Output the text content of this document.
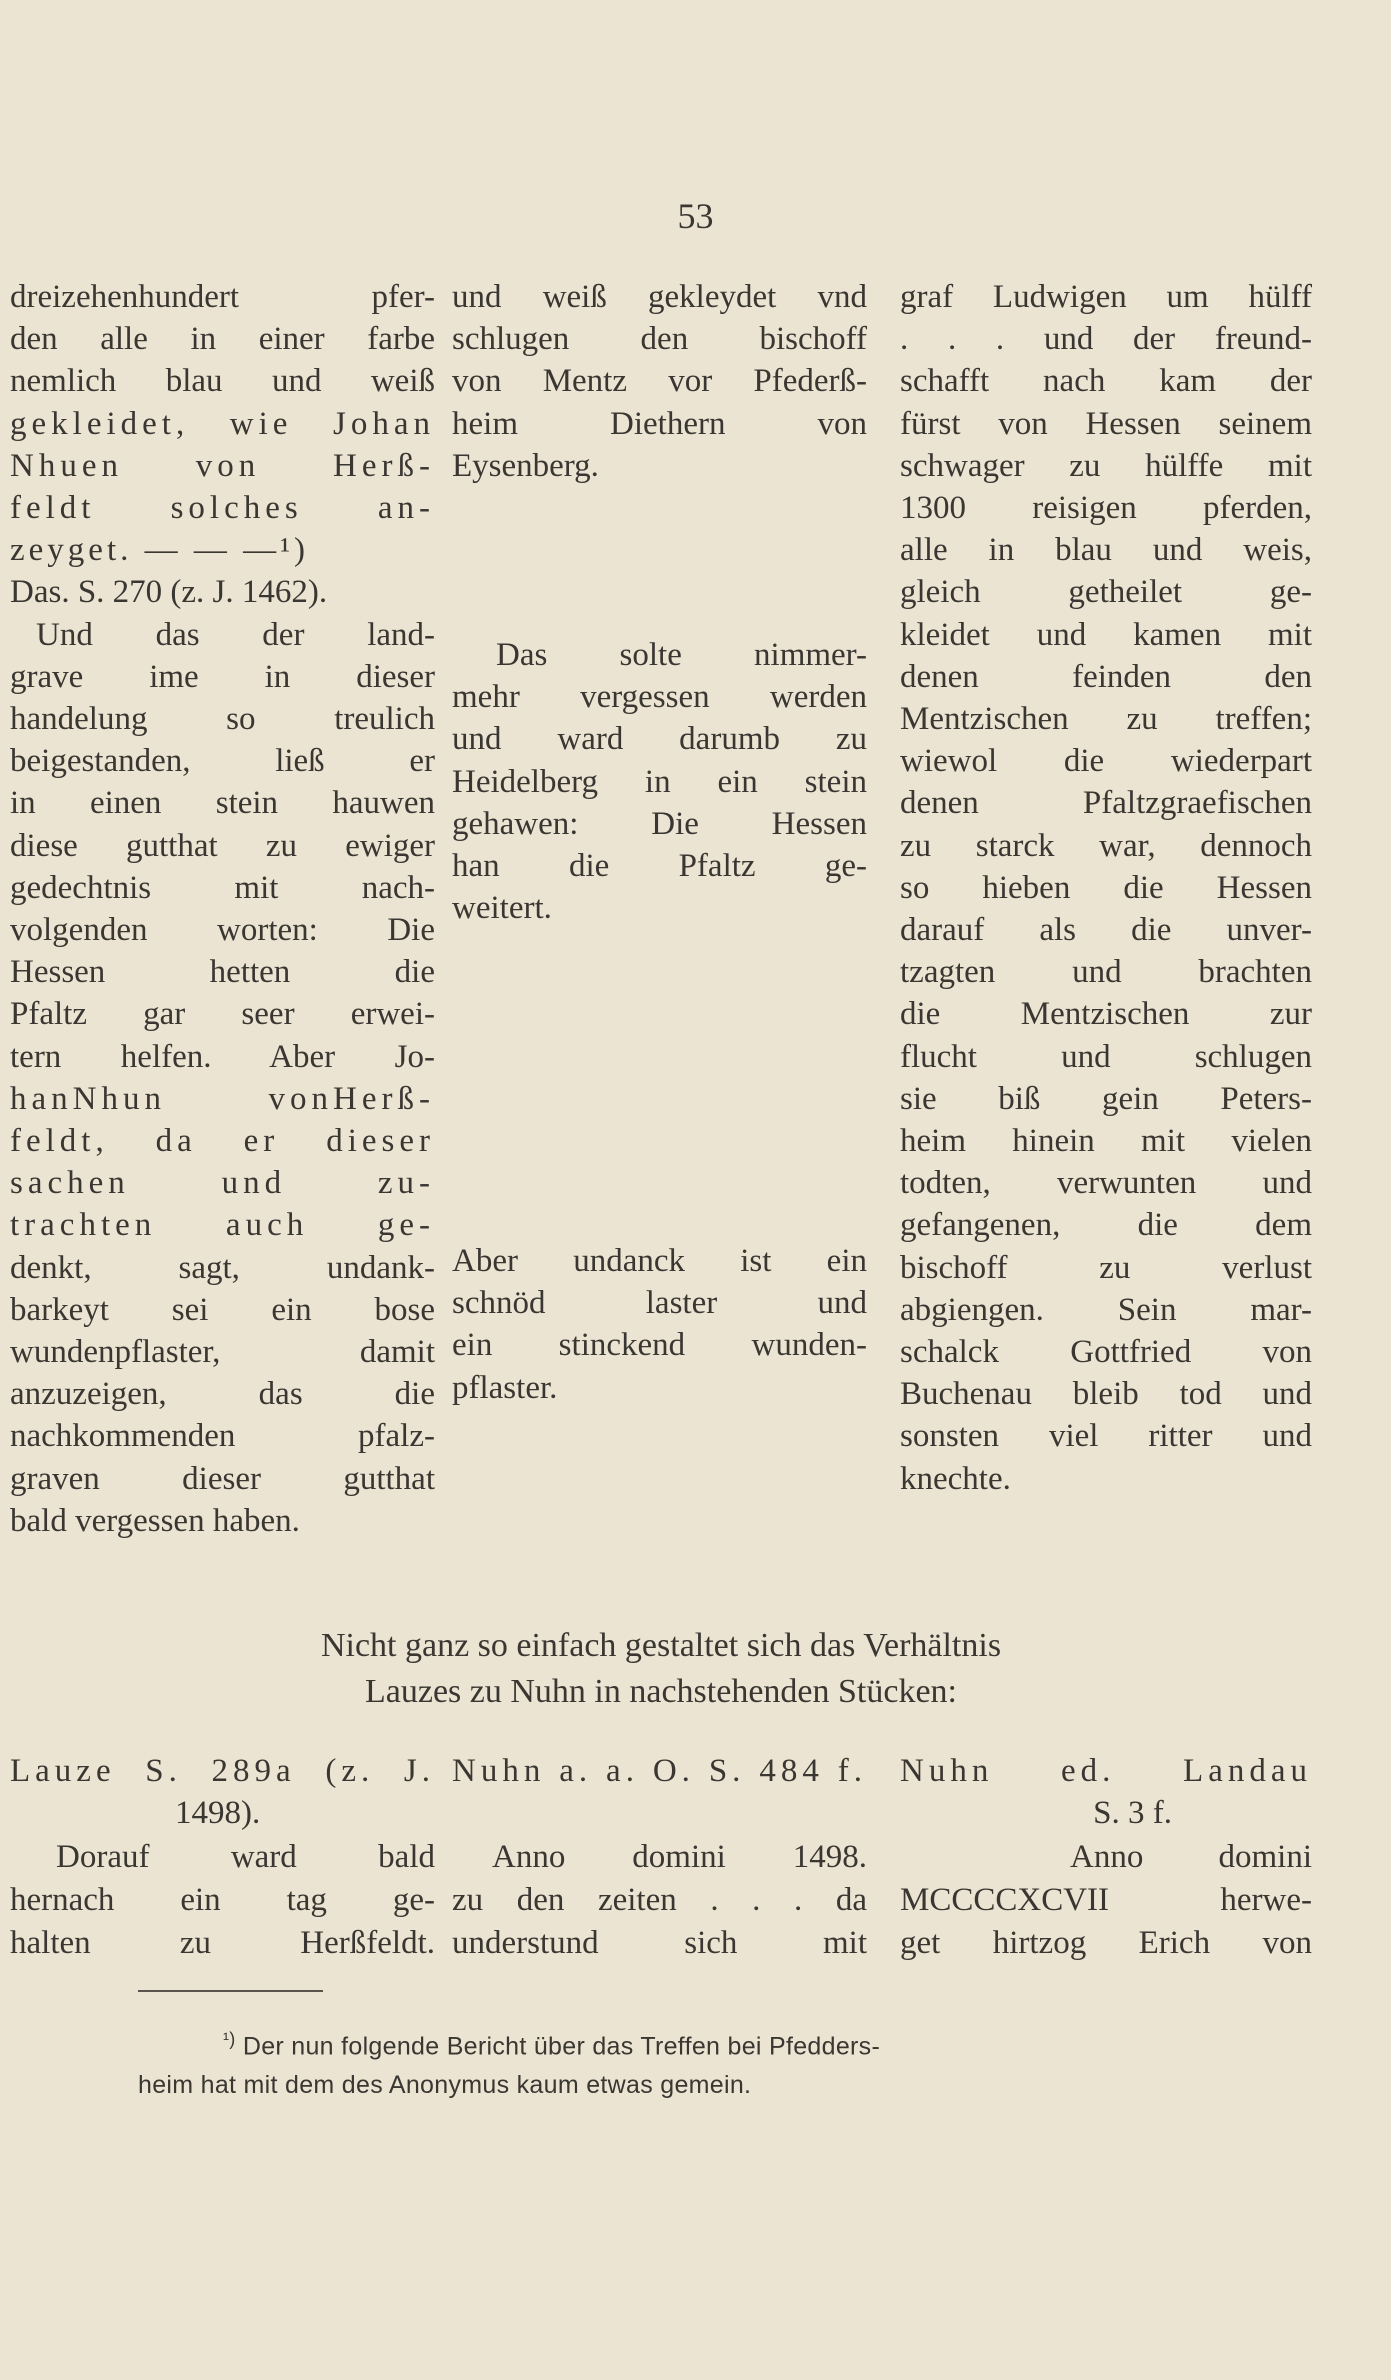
53
dreizehenhundert pfer-
den alle in einer farbe
nemlich blau und weiß
gekleidet, wie Johan
Nhuen von Herß-
feldt solches an-
zeyget. — — —¹)
Das. S. 270 (z. J. 1462).
Und das der land-
grave ime in dieser
handelung so treulich
beigestanden, ließ er
in einen stein hauwen
diese gutthat zu ewiger
gedechtnis mit nach-
volgenden worten: Die
Hessen hetten die
Pfaltz gar seer erwei-
tern helfen. Aber Jo-
hanNhun vonHerß-
feldt, da er dieser
sachen und zu-
trachten auch ge-
denkt, sagt, undank-
barkeyt sei ein bose
wundenpflaster, damit
anzuzeigen, das die
nachkommenden pfalz-
graven dieser gutthat
bald vergessen haben.
und weiß gekleydet vnd
schlugen den bischoff
von Mentz vor Pfederß-
heim Diethern von
Eysenberg.
Das solte nimmer-
mehr vergessen werden
und ward darumb zu
Heidelberg in ein stein
gehawen: Die Hessen
han die Pfaltz ge-
weitert.
Aber undanck ist ein
schnöd laster und
ein stinckend wunden-
pflaster.
graf Ludwigen um hülff
. . . und der freund-
schafft nach kam der
fürst von Hessen seinem
schwager zu hülffe mit
1300 reisigen pferden,
alle in blau und weis,
gleich getheilet ge-
kleidet und kamen mit
denen feinden den
Mentzischen zu treffen;
wiewol die wiederpart
denen Pfaltzgraefischen
zu starck war, dennoch
so hieben die Hessen
darauf als die unver-
tzagten und brachten
die Mentzischen zur
flucht und schlugen
sie biß gein Peters-
heim hinein mit vielen
todten, verwunten und
gefangenen, die dem
bischoff zu verlust
abgiengen. Sein mar-
schalck Gottfried von
Buchenau bleib tod und
sonsten viel ritter und
knechte.
Nicht ganz so einfach gestaltet sich das Verhältnis
Lauzes zu Nuhn in nachstehenden Stücken:
Lauze S. 289a (z. J.
1498).
Nuhn a. a. O. S. 484 f. Nuhn ed. Landau
S. 3 f.
Dorauf ward bald
hernach ein tag ge-
halten zu Herßfeldt.
Anno domini 1498.
zu den zeiten . . . da
understund sich mit
Anno domini
MCCCCXCVII herwe-
get hirtzog Erich von
$^{^1)}$ Der nun folgende Bericht über das Treffen bei Pfedders-
heim hat mit dem des Anonymus kaum etwas gemein.
